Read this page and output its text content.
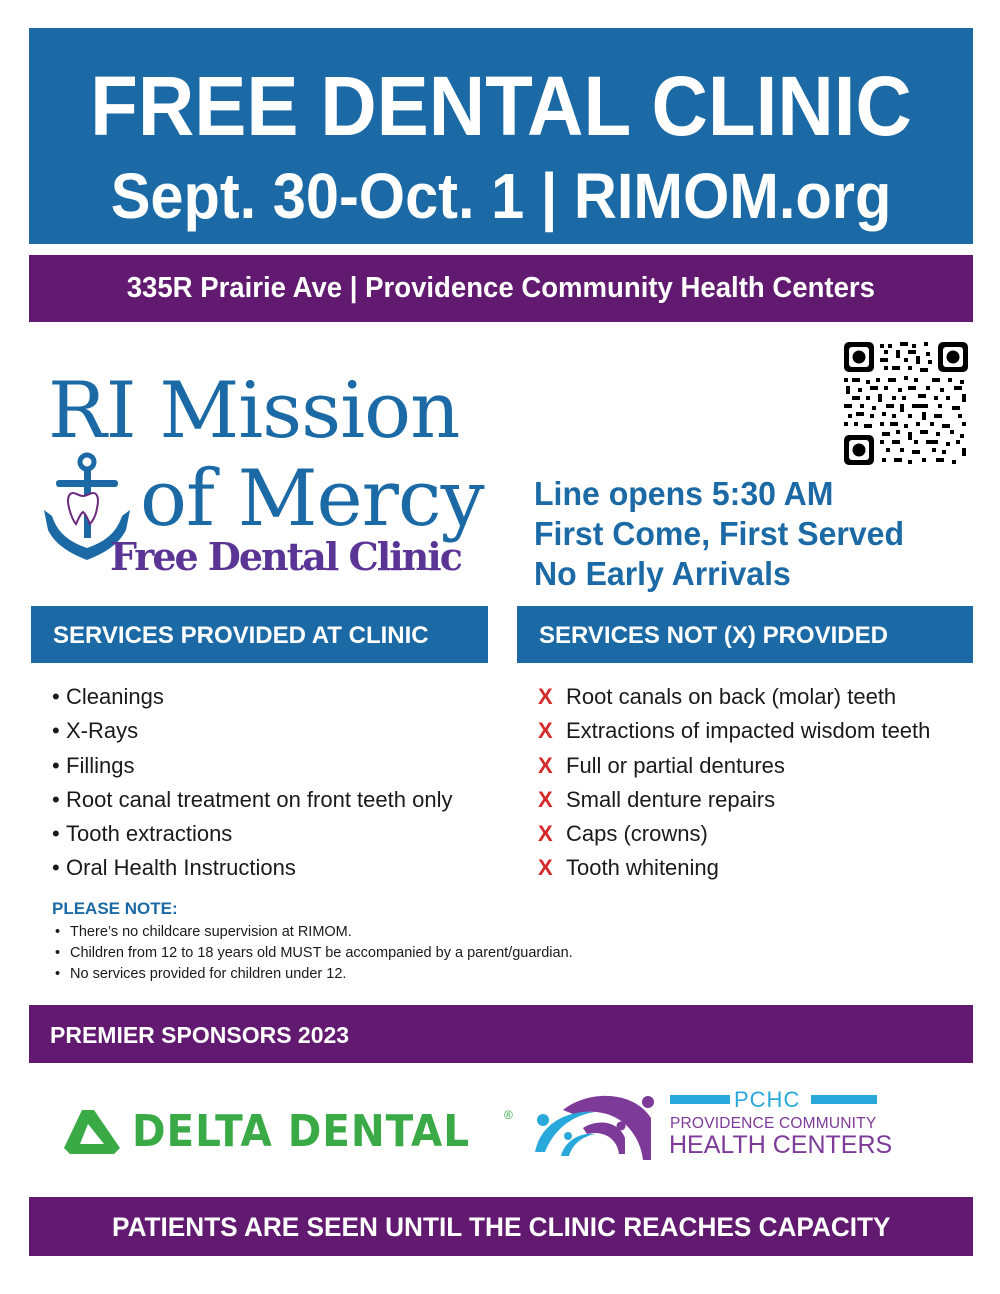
FREE DENTAL CLINIC
Sept. 30-Oct. 1 | RIMOM.org
335R Prairie Ave | Providence Community Health Centers
RI Mission
of Mercy
Free Dental Clinic
Line opens 5:30 AM
First Come, First Served
No Early Arrivals
SERVICES PROVIDED AT CLINIC
• Cleanings
• X-Rays
• Fillings
• Root canal treatment on front teeth only
• Tooth extractions
• Oral Health Instructions
SERVICES NOT (X) PROVIDED
X Root canals on back (molar) teeth
X Extractions of impacted wisdom teeth
X Full or partial dentures
X Small denture repairs
X Caps (crowns)
X Tooth whitening
PLEASE NOTE:
• There’s no childcare supervision at RIMOM.
• Children from 12 to 18 years old MUST be accompanied by a parent/guardian.
• No services provided for children under 12.
PREMIER SPONSORS 2023
DELTA DENTAL	®
PCHC
PROVIDENCE COMMUNITY
HEALTH CENTERS
PATIENTS ARE SEEN UNTIL THE CLINIC REACHES CAPACITY
